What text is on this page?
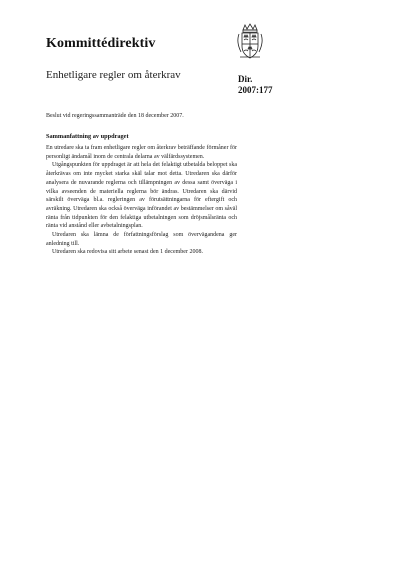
Kommittédirektiv
Enhetligare regler om återkrav	Dir.
2007:177
Beslut vid regeringssammanträde den 18 december 2007.
Sammanfattning av uppdraget

En utredare ska ta fram enhetligare regler om återkrav beträffande förmåner för personligt ändamål inom de centrala delarna av välfärdssystemen.

Utgångspunkten för uppdraget är att hela det felaktigt utbetalda beloppet ska återkrävas om inte mycket starka skäl talar mot detta. Utredaren ska därför analysera de nuvarande reglerna och tillämpningen av dessa samt överväga i vilka avseenden de materiella reglerna bör ändras. Utredaren ska därvid särskilt överväga bl.a. regleringen av förutsättningarna för eftergift och avräkning. Utredaren ska också överväga införandet av bestämmelser om såväl ränta från tidpunkten för den felaktiga utbetalningen som dröjsmålsränta och ränta vid anstånd eller avbetalningsplan.

Utredaren ska lämna de författningsförslag som övervägandena ger anledning till.

Utredaren ska redovisa sitt arbete senast den 1 december 2008.
